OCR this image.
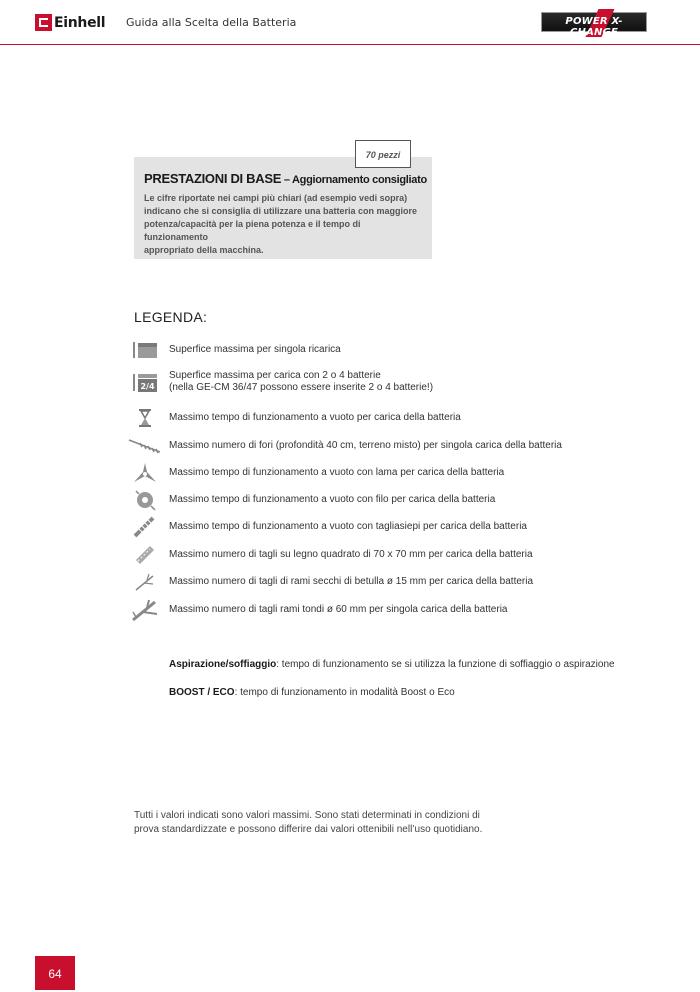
Einhell Guida alla Scelta della Batteria	POWER X-CHANGE
PRESTAZIONI DI BASE – Aggiornamento consigliato
Le cifre riportate nei campi più chiari (ad esempio vedi sopra)
indicano che si consiglia di utilizzare una batteria con maggiore
potenza/capacità per la piena potenza e il tempo di funzionamento
appropriato della macchina.
70 pezzi
LEGENDA:
Superfice massima per singola ricarica
2/4
Superfice massima per carica con 2 o 4 batterie
(nella GE-CM 36/47 possono essere inserite 2 o 4 batterie!)
Massimo tempo di funzionamento a vuoto per carica della batteria
Massimo numero di fori (profondità 40 cm, terreno misto) per singola carica della batteria
Massimo tempo di funzionamento a vuoto con lama per carica della batteria
Massimo tempo di funzionamento a vuoto con filo per carica della batteria
Massimo tempo di funzionamento a vuoto con tagliasiepi per carica della batteria
Massimo numero di tagli su legno quadrato di 70 x 70 mm per carica della batteria
Massimo numero di tagli di rami secchi di betulla ø 15 mm per carica della batteria
Massimo numero di tagli rami tondi ø 60 mm per singola carica della batteria
Aspirazione/soffiaggio: tempo di funzionamento se si utilizza la funzione di soffiaggio o aspirazione
BOOST / ECO: tempo di funzionamento in modalità Boost o Eco
Tutti i valori indicati sono valori massimi. Sono stati determinati in condizioni di
prova standardizzate e possono differire dai valori ottenibili nell’uso quotidiano.
64
